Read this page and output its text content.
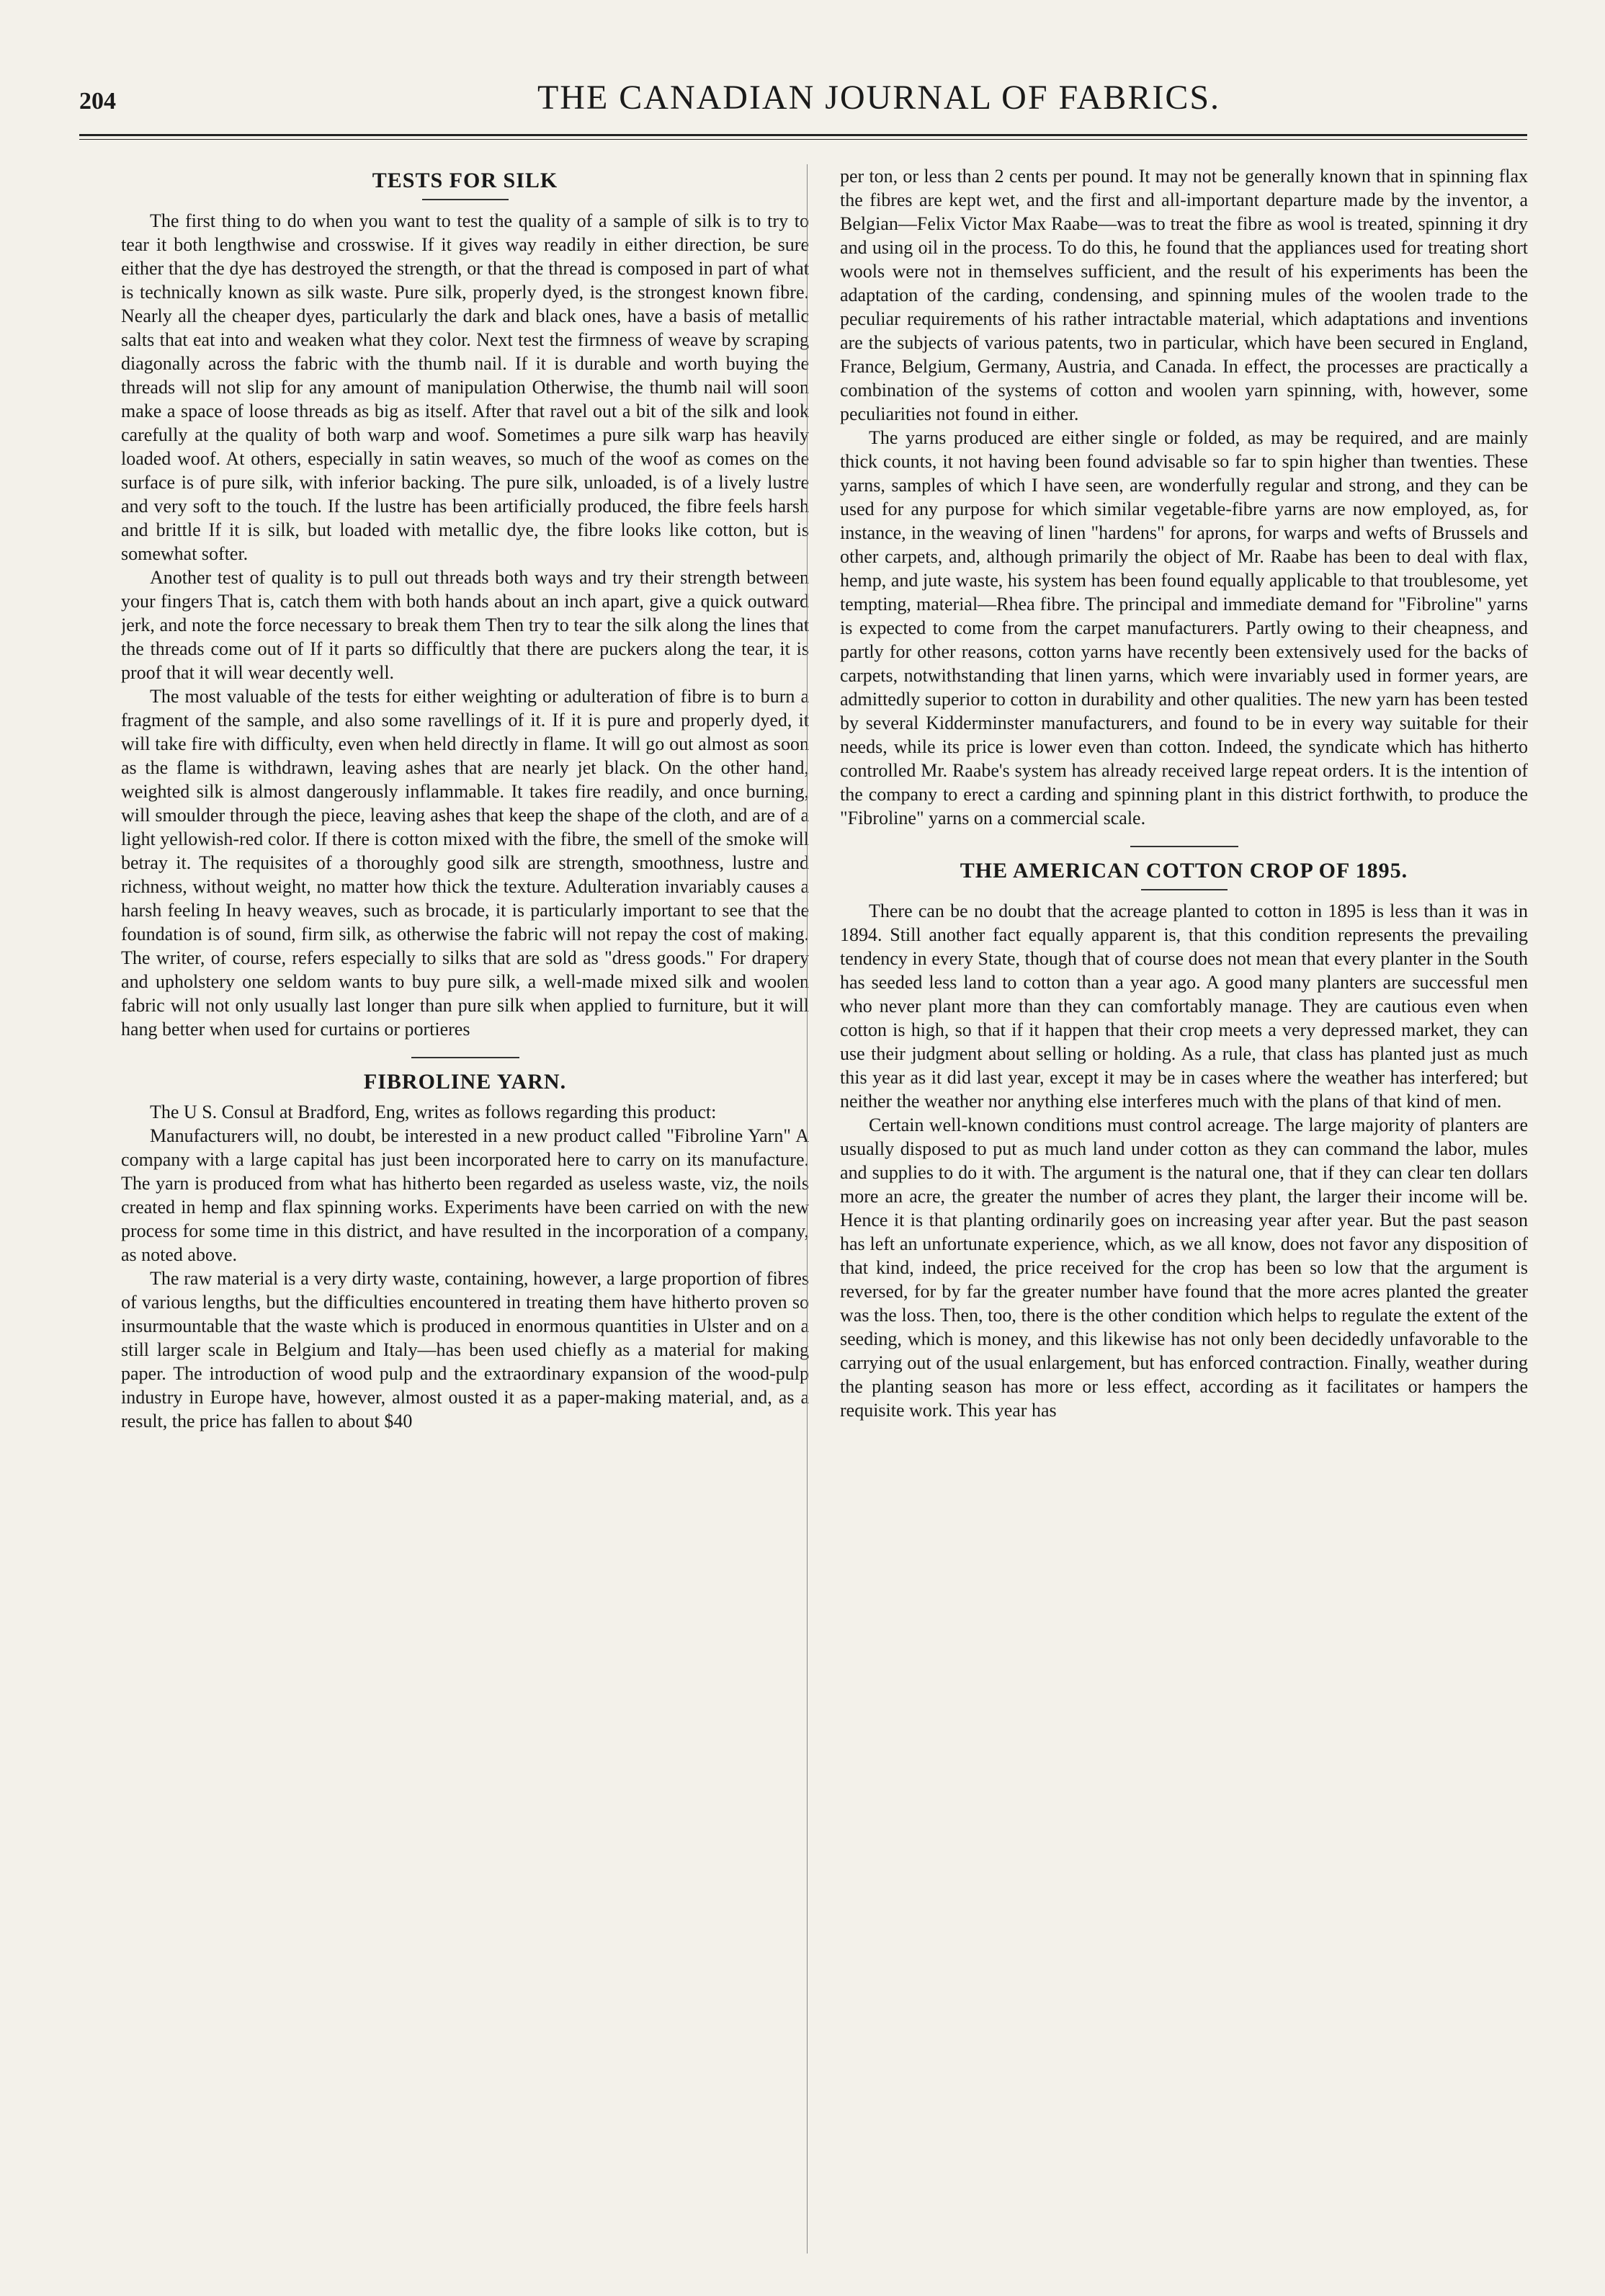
204	THE CANADIAN JOURNAL OF FABRICS.
TESTS FOR SILK

The first thing to do when you want to test the quality of a sample of silk is to try to tear it both lengthwise and crosswise. If it gives way readily in either direction, be sure either that the dye has destroyed the strength, or that the thread is composed in part of what is technically known as silk waste. Pure silk, properly dyed, is the strongest known fibre. Nearly all the cheaper dyes, particularly the dark and black ones, have a basis of metallic salts that eat into and weaken what they color. Next test the firmness of weave by scraping diagonally across the fabric with the thumb nail. If it is durable and worth buying the threads will not slip for any amount of manipulation Otherwise, the thumb nail will soon make a space of loose threads as big as itself. After that ravel out a bit of the silk and look carefully at the quality of both warp and woof. Sometimes a pure silk warp has heavily loaded woof. At others, especially in satin weaves, so much of the woof as comes on the surface is of pure silk, with inferior backing. The pure silk, unloaded, is of a lively lustre and very soft to the touch. If the lustre has been artificially produced, the fibre feels harsh and brittle If it is silk, but loaded with metallic dye, the fibre looks like cotton, but is somewhat softer.

Another test of quality is to pull out threads both ways and try their strength between your fingers That is, catch them with both hands about an inch apart, give a quick outward jerk, and note the force necessary to break them Then try to tear the silk along the lines that the threads come out of If it parts so difficultly that there are puckers along the tear, it is proof that it will wear decently well.

The most valuable of the tests for either weighting or adulteration of fibre is to burn a fragment of the sample, and also some ravellings of it. If it is pure and properly dyed, it will take fire with difficulty, even when held directly in flame. It will go out almost as soon as the flame is withdrawn, leaving ashes that are nearly jet black. On the other hand, weighted silk is almost dangerously inflammable. It takes fire readily, and once burning, will smoulder through the piece, leaving ashes that keep the shape of the cloth, and are of a light yellowish-red color. If there is cotton mixed with the fibre, the smell of the smoke will betray it. The requisites of a thoroughly good silk are strength, smoothness, lustre and richness, without weight, no matter how thick the texture. Adulteration invariably causes a harsh feeling In heavy weaves, such as brocade, it is particularly important to see that the foundation is of sound, firm silk, as otherwise the fabric will not repay the cost of making. The writer, of course, refers especially to silks that are sold as "dress goods." For drapery and upholstery one seldom wants to buy pure silk, a well-made mixed silk and woolen fabric will not only usually last longer than pure silk when applied to furniture, but it will hang better when used for curtains or portieres

FIBROLINE YARN.

The U S. Consul at Bradford, Eng, writes as follows regarding this product:

Manufacturers will, no doubt, be interested in a new product called "Fibroline Yarn" A company with a large capital has just been incorporated here to carry on its manufacture. The yarn is produced from what has hitherto been regarded as useless waste, viz, the noils created in hemp and flax spinning works. Experiments have been carried on with the new process for some time in this district, and have resulted in the incorporation of a company, as noted above.

The raw material is a very dirty waste, containing, however, a large proportion of fibres of various lengths, but the difficulties encountered in treating them have hitherto proven so insurmountable that the waste which is produced in enormous quantities in Ulster and on a still larger scale in Belgium and Italy—has been used chiefly as a material for making paper. The introduction of wood pulp and the extraordinary expansion of the wood-pulp industry in Europe have, however, almost ousted it as a paper-making material, and, as a result, the price has fallen to about $40

per ton, or less than 2 cents per pound. It may not be generally known that in spinning flax the fibres are kept wet, and the first and all-important departure made by the inventor, a Belgian—Felix Victor Max Raabe—was to treat the fibre as wool is treated, spinning it dry and using oil in the process. To do this, he found that the appliances used for treating short wools were not in themselves sufficient, and the result of his experiments has been the adaptation of the carding, condensing, and spinning mules of the woolen trade to the peculiar requirements of his rather intractable material, which adaptations and inventions are the subjects of various patents, two in particular, which have been secured in England, France, Belgium, Germany, Austria, and Canada. In effect, the processes are practically a combination of the systems of cotton and woolen yarn spinning, with, however, some peculiarities not found in either.

The yarns produced are either single or folded, as may be required, and are mainly thick counts, it not having been found advisable so far to spin higher than twenties. These yarns, samples of which I have seen, are wonderfully regular and strong, and they can be used for any purpose for which similar vegetable-fibre yarns are now employed, as, for instance, in the weaving of linen "hardens" for aprons, for warps and wefts of Brussels and other carpets, and, although primarily the object of Mr. Raabe has been to deal with flax, hemp, and jute waste, his system has been found equally applicable to that troublesome, yet tempting, material—Rhea fibre. The principal and immediate demand for "Fibroline" yarns is expected to come from the carpet manufacturers. Partly owing to their cheapness, and partly for other reasons, cotton yarns have recently been extensively used for the backs of carpets, notwithstanding that linen yarns, which were invariably used in former years, are admittedly superior to cotton in durability and other qualities. The new yarn has been tested by several Kidderminster manufacturers, and found to be in every way suitable for their needs, while its price is lower even than cotton. Indeed, the syndicate which has hitherto controlled Mr. Raabe's system has already received large repeat orders. It is the intention of the company to erect a carding and spinning plant in this district forthwith, to produce the "Fibroline" yarns on a commercial scale.

THE AMERICAN COTTON CROP OF 1895.

There can be no doubt that the acreage planted to cotton in 1895 is less than it was in 1894. Still another fact equally apparent is, that this condition represents the prevailing tendency in every State, though that of course does not mean that every planter in the South has seeded less land to cotton than a year ago. A good many planters are successful men who never plant more than they can comfortably manage. They are cautious even when cotton is high, so that if it happen that their crop meets a very depressed market, they can use their judgment about selling or holding. As a rule, that class has planted just as much this year as it did last year, except it may be in cases where the weather has interfered; but neither the weather nor anything else interferes much with the plans of that kind of men.

Certain well-known conditions must control acreage. The large majority of planters are usually disposed to put as much land under cotton as they can command the labor, mules and supplies to do it with. The argument is the natural one, that if they can clear ten dollars more an acre, the greater the number of acres they plant, the larger their income will be. Hence it is that planting ordinarily goes on increasing year after year. But the past season has left an unfortunate experience, which, as we all know, does not favor any disposition of that kind, indeed, the price received for the crop has been so low that the argument is reversed, for by far the greater number have found that the more acres planted the greater was the loss. Then, too, there is the other condition which helps to regulate the extent of the seeding, which is money, and this likewise has not only been decidedly unfavorable to the carrying out of the usual enlargement, but has enforced contraction. Finally, weather during the planting season has more or less effect, according as it facilitates or hampers the requisite work. This year has
